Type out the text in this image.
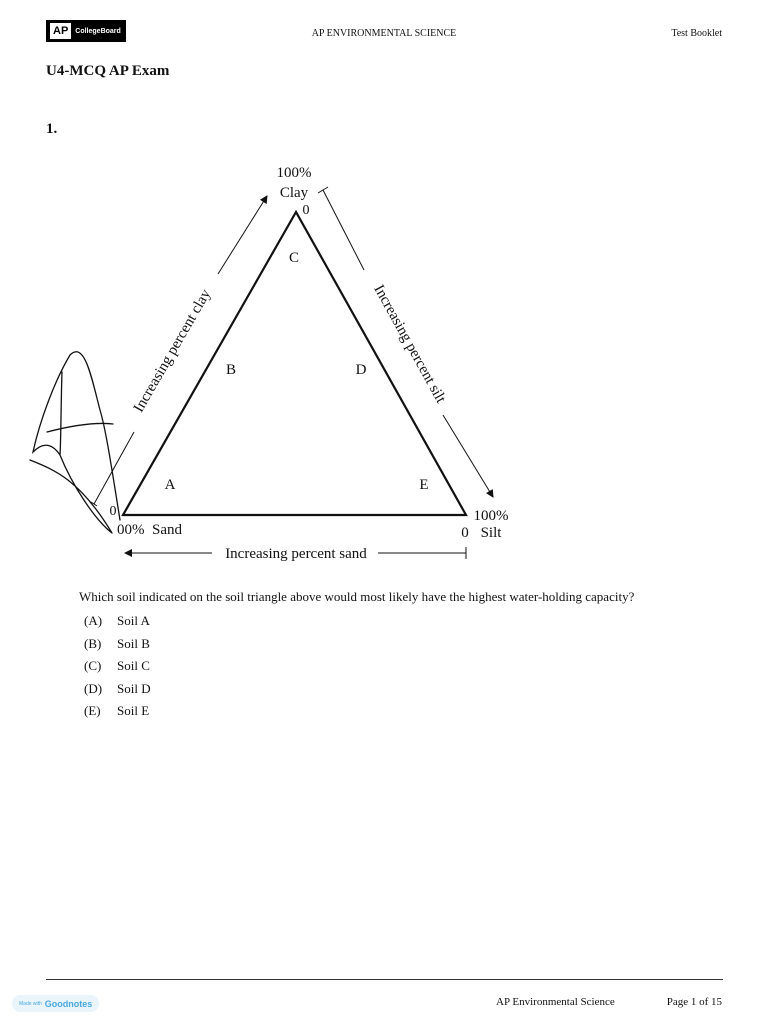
AP	CollegeBoard	AP ENVIRONMENTAL SCIENCE	Test Booklet
U4-MCQ AP Exam
1.
Increasing percent clay	Increasing percent silt
Increasing percent sand
100%
Clay
0
0
00% Sand	0
100%
Silt
C
B	D
A	E
Which soil indicated on the soil triangle above would most likely have the highest water-holding capacity?
(A)	Soil A
(B)	Soil B
(C)	Soil C
(D)	Soil D
(E)	Soil E
Made with Goodnotes	AP Environmental Science	Page 1 of 15
